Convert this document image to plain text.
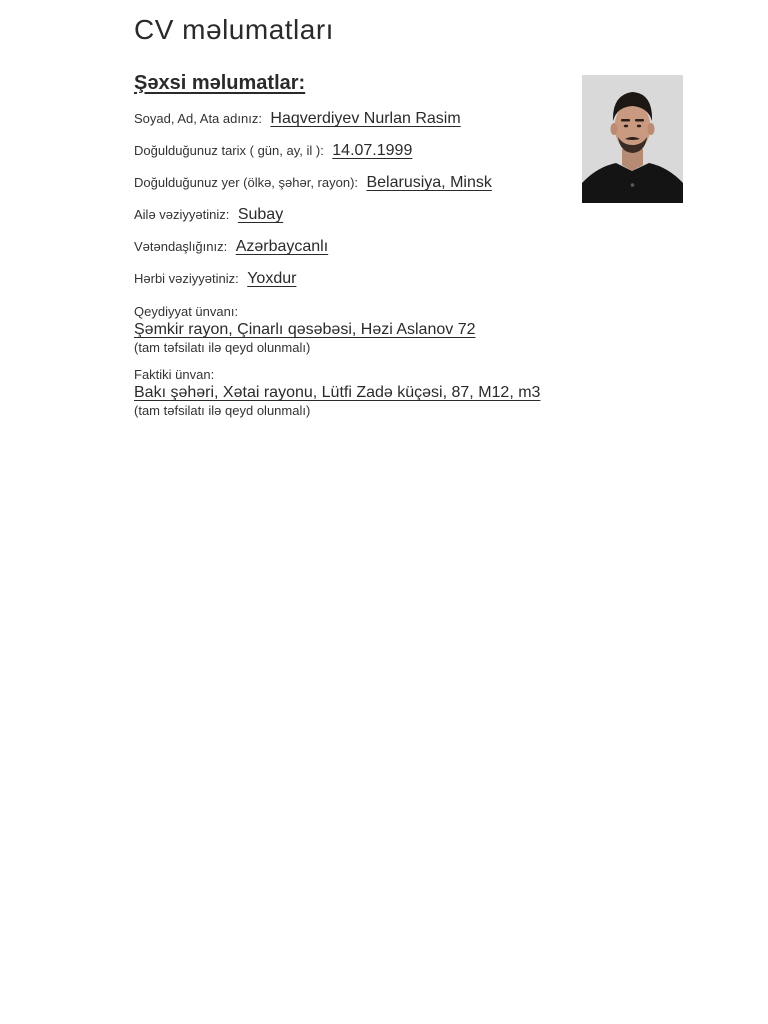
CV məlumatları
Şəxsi məlumatlar:
Soyad, Ad, Ata adınız: Haqverdiyev Nurlan Rasim
Doğulduğunuz tarix ( gün, ay, il ): 14.07.1999
Doğulduğunuz yer (ölkə, şəhər, rayon): Belarusiya, Minsk
Ailə vəziyyətiniz: Subay
Vətəndaşlığınız: Azərbaycanlı
Hərbi vəziyyətiniz: Yoxdur
Qeydiyyat ünvanı:
Şəmkir rayon, Çinarlı qəsəbəsi, Həzi Aslanov 72
(tam təfsilatı ilə qeyd olunmalı)
Faktiki ünvan:
Bakı şəhəri, Xətai rayonu, Lütfi Zadə küçəsi, 87, M12, m3
(tam təfsilatı ilə qeyd olunmalı)
